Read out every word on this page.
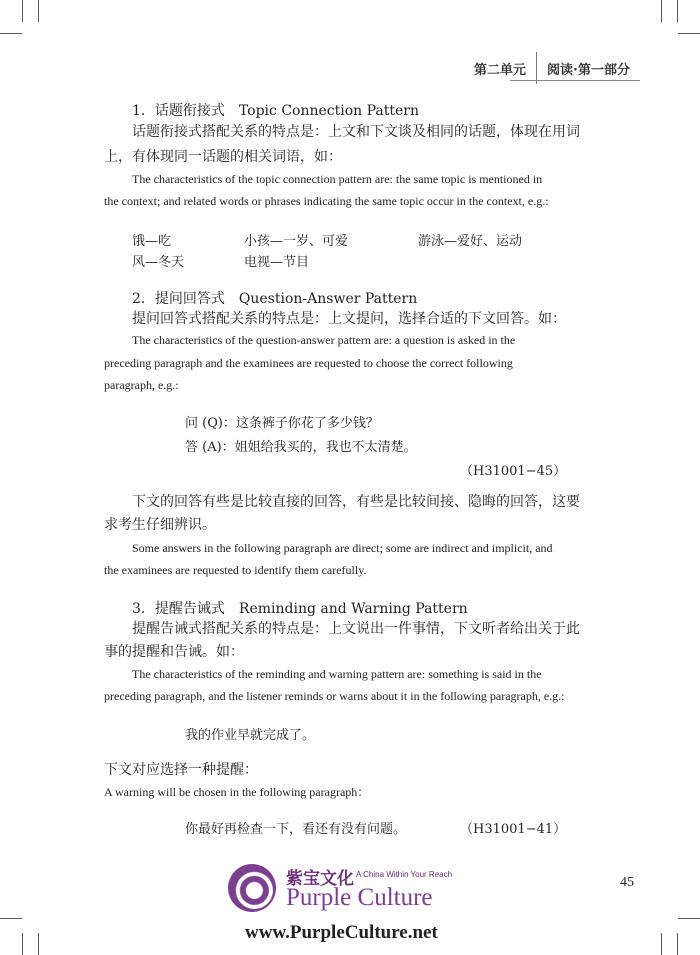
第二单元 阅读·第一部分
1．话题衔接式　Topic Connection Pattern
话题衔接式搭配关系的特点是：上文和下文谈及相同的话题，体现在用词
上，有体现同一话题的相关词语，如：
The characteristics of the topic connection pattern are: the same topic is mentioned in
the context; and related words or phrases indicating the same topic occur in the context, e.g.:
饿—吃	小孩—一岁、可爱	游泳—爱好、运动
风—冬天	电视—节目
2．提问回答式　Question-Answer Pattern
提问回答式搭配关系的特点是：上文提问，选择合适的下文回答。如：
The characteristics of the question-answer pattern are: a question is asked in the
preceding paragraph and the examinees are requested to choose the correct following
paragraph, e.g.:
问 (Q)：这条裤子你花了多少钱？
答 (A)：姐姐给我买的，我也不太清楚。
（H31001−45）
下文的回答有些是比较直接的回答，有些是比较间接、隐晦的回答，这要
求考生仔细辨识。
Some answers in the following paragraph are direct; some are indirect and implicit, and
the examinees are requested to identify them carefully.
3．提醒告诫式　Reminding and Warning Pattern
提醒告诫式搭配关系的特点是：上文说出一件事情，下文听者给出关于此
事的提醒和告诫。如：
The characteristics of the reminding and warning pattern are: something is said in the
preceding paragraph, and the listener reminds or warns about it in the following paragraph, e.g.:
我的作业早就完成了。
下文对应选择一种提醒：
A warning will be chosen in the following paragraph：
你最好再检查一下，看还有没有问题。	（H31001−41）
45
紫宝文化 A China Within Your Reach
Purple Culture
www.PurpleCulture.net
